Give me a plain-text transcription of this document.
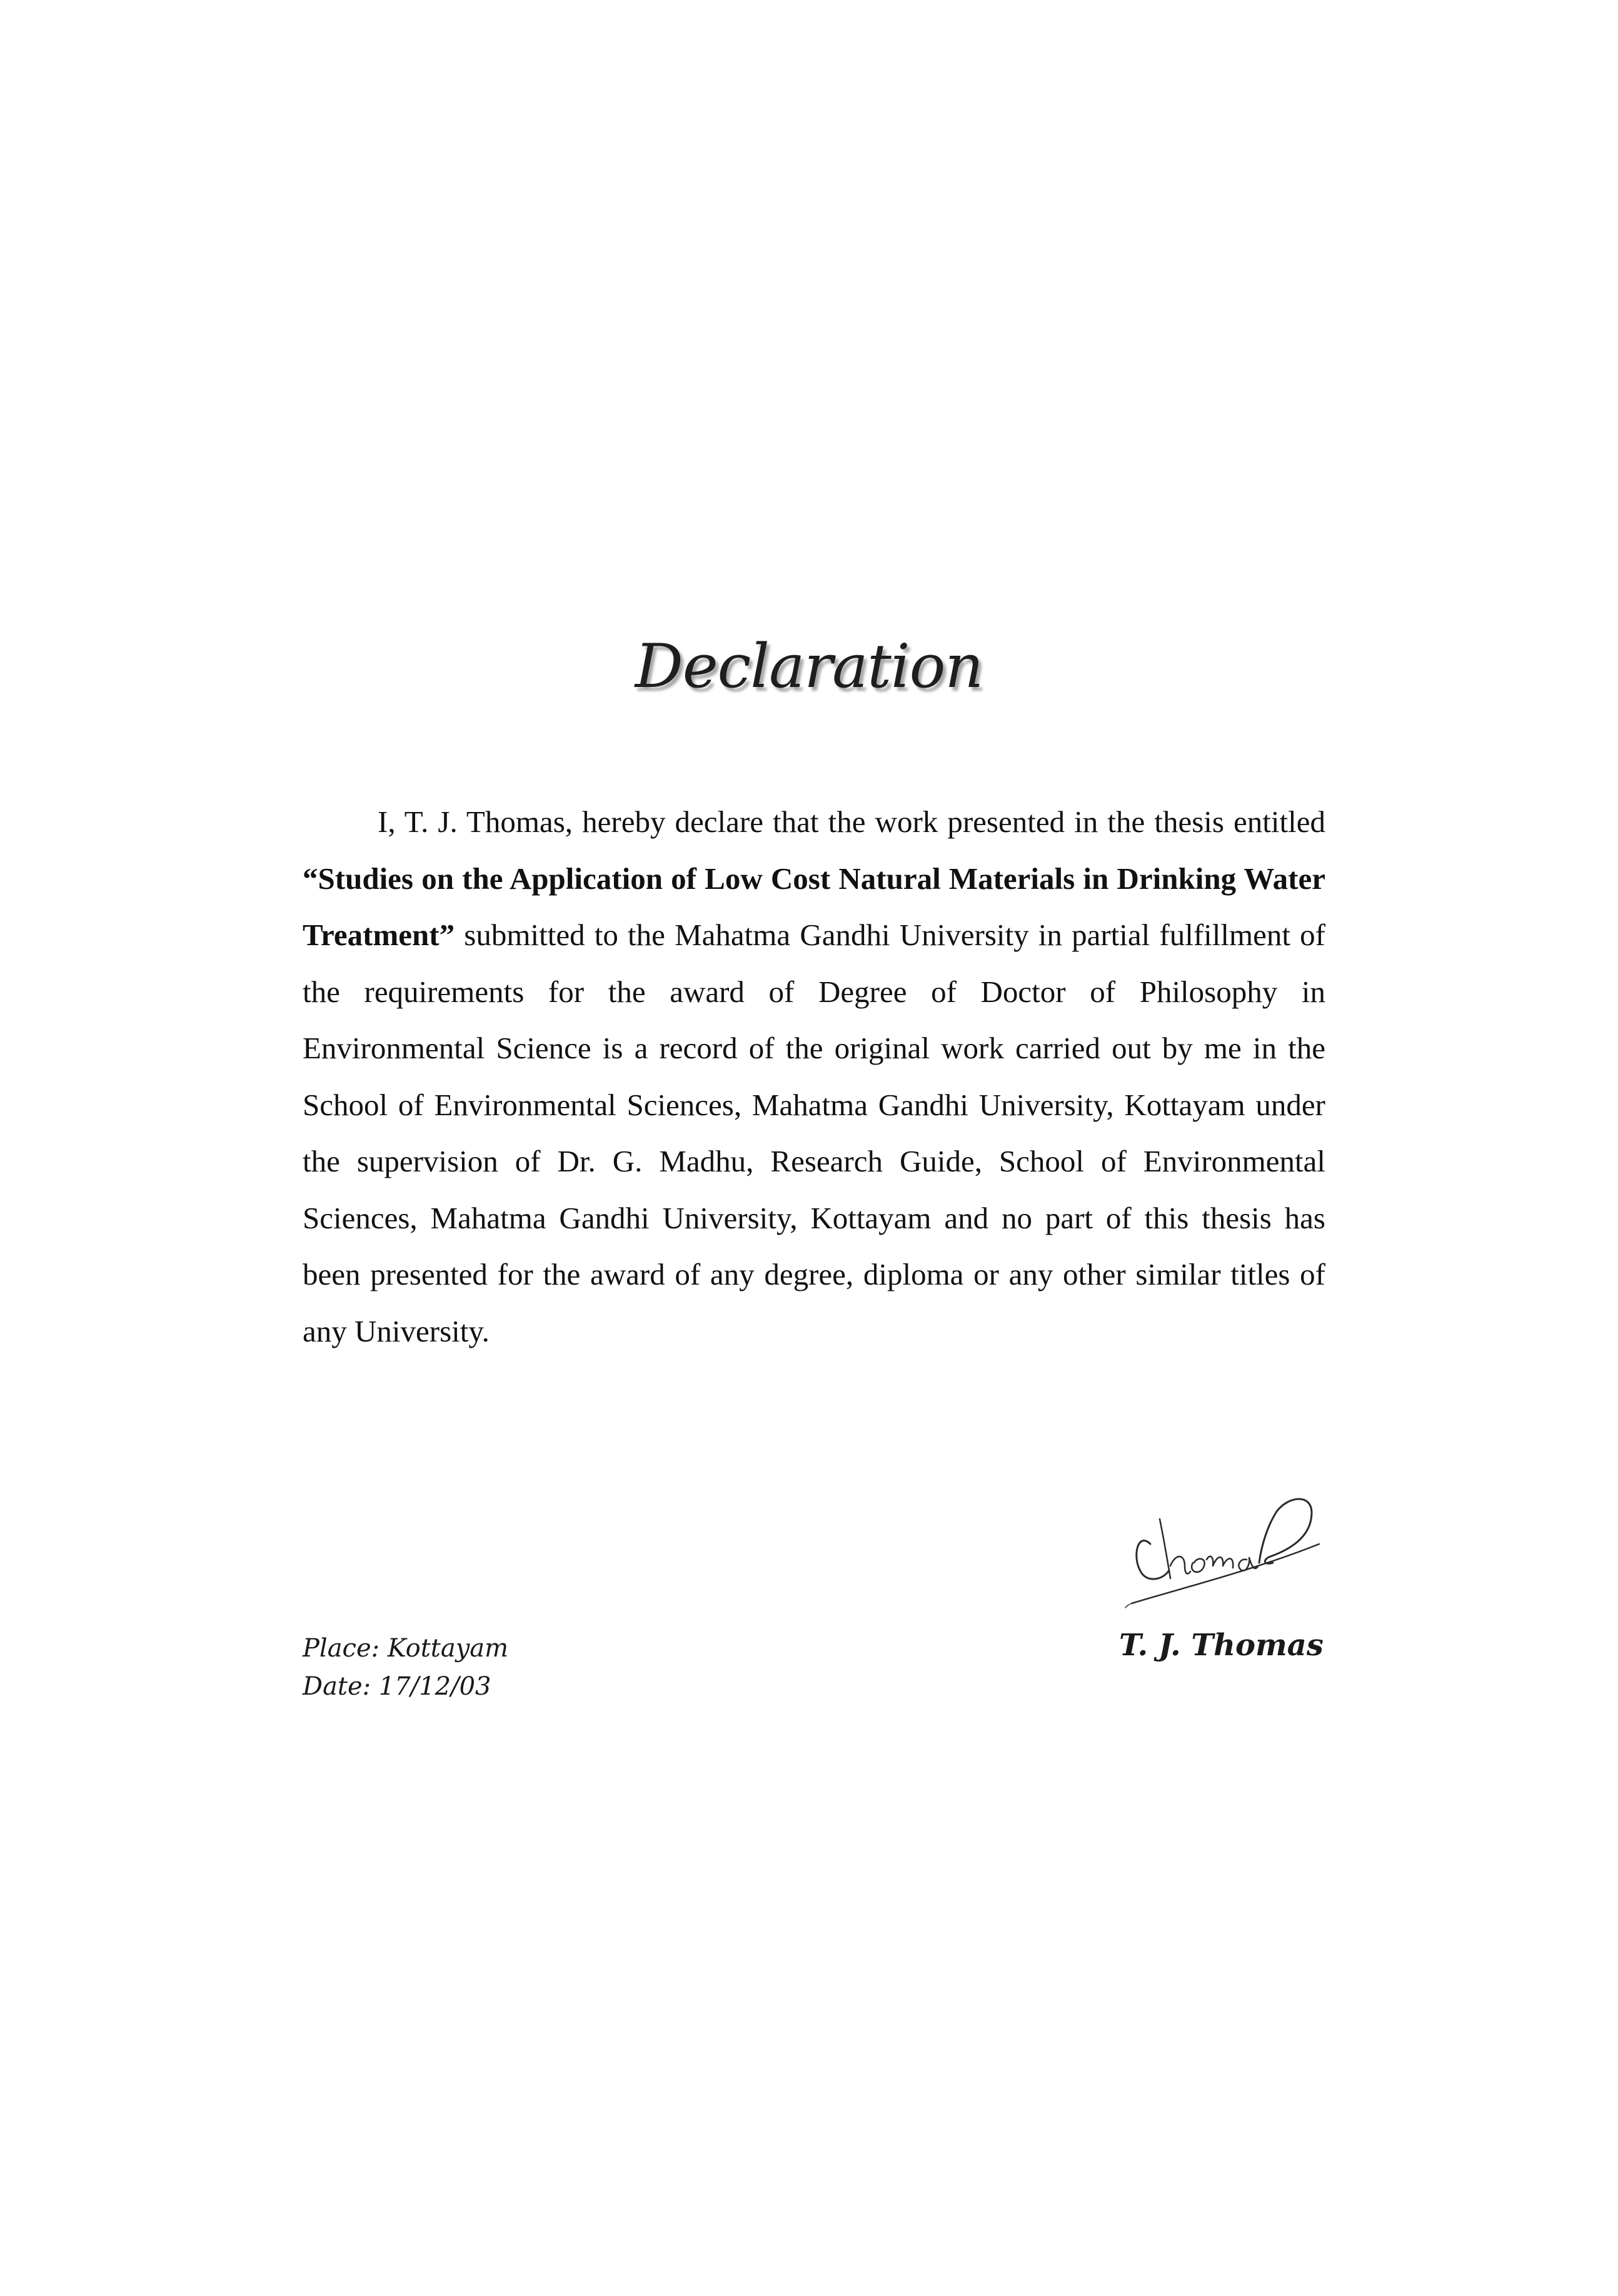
Declaration

I, T. J. Thomas, hereby declare that the work presented in the thesis entitled “Studies on the Application of Low Cost Natural Materials in Drinking Water Treatment” submitted to the Mahatma Gandhi University in partial fulfillment of the requirements for the award of Degree of Doctor of Philosophy in Environmental Science is a record of the original work carried out by me in the School of Environmental Sciences, Mahatma Gandhi University, Kottayam under the supervision of Dr. G. Madhu, Research Guide, School of Environmental Sciences, Mahatma Gandhi University, Kottayam and no part of this thesis has been presented for the award of any degree, diploma or any other similar titles of any University.

Place: Kottayam
Date: 17/12/03
T. J. Thomas
